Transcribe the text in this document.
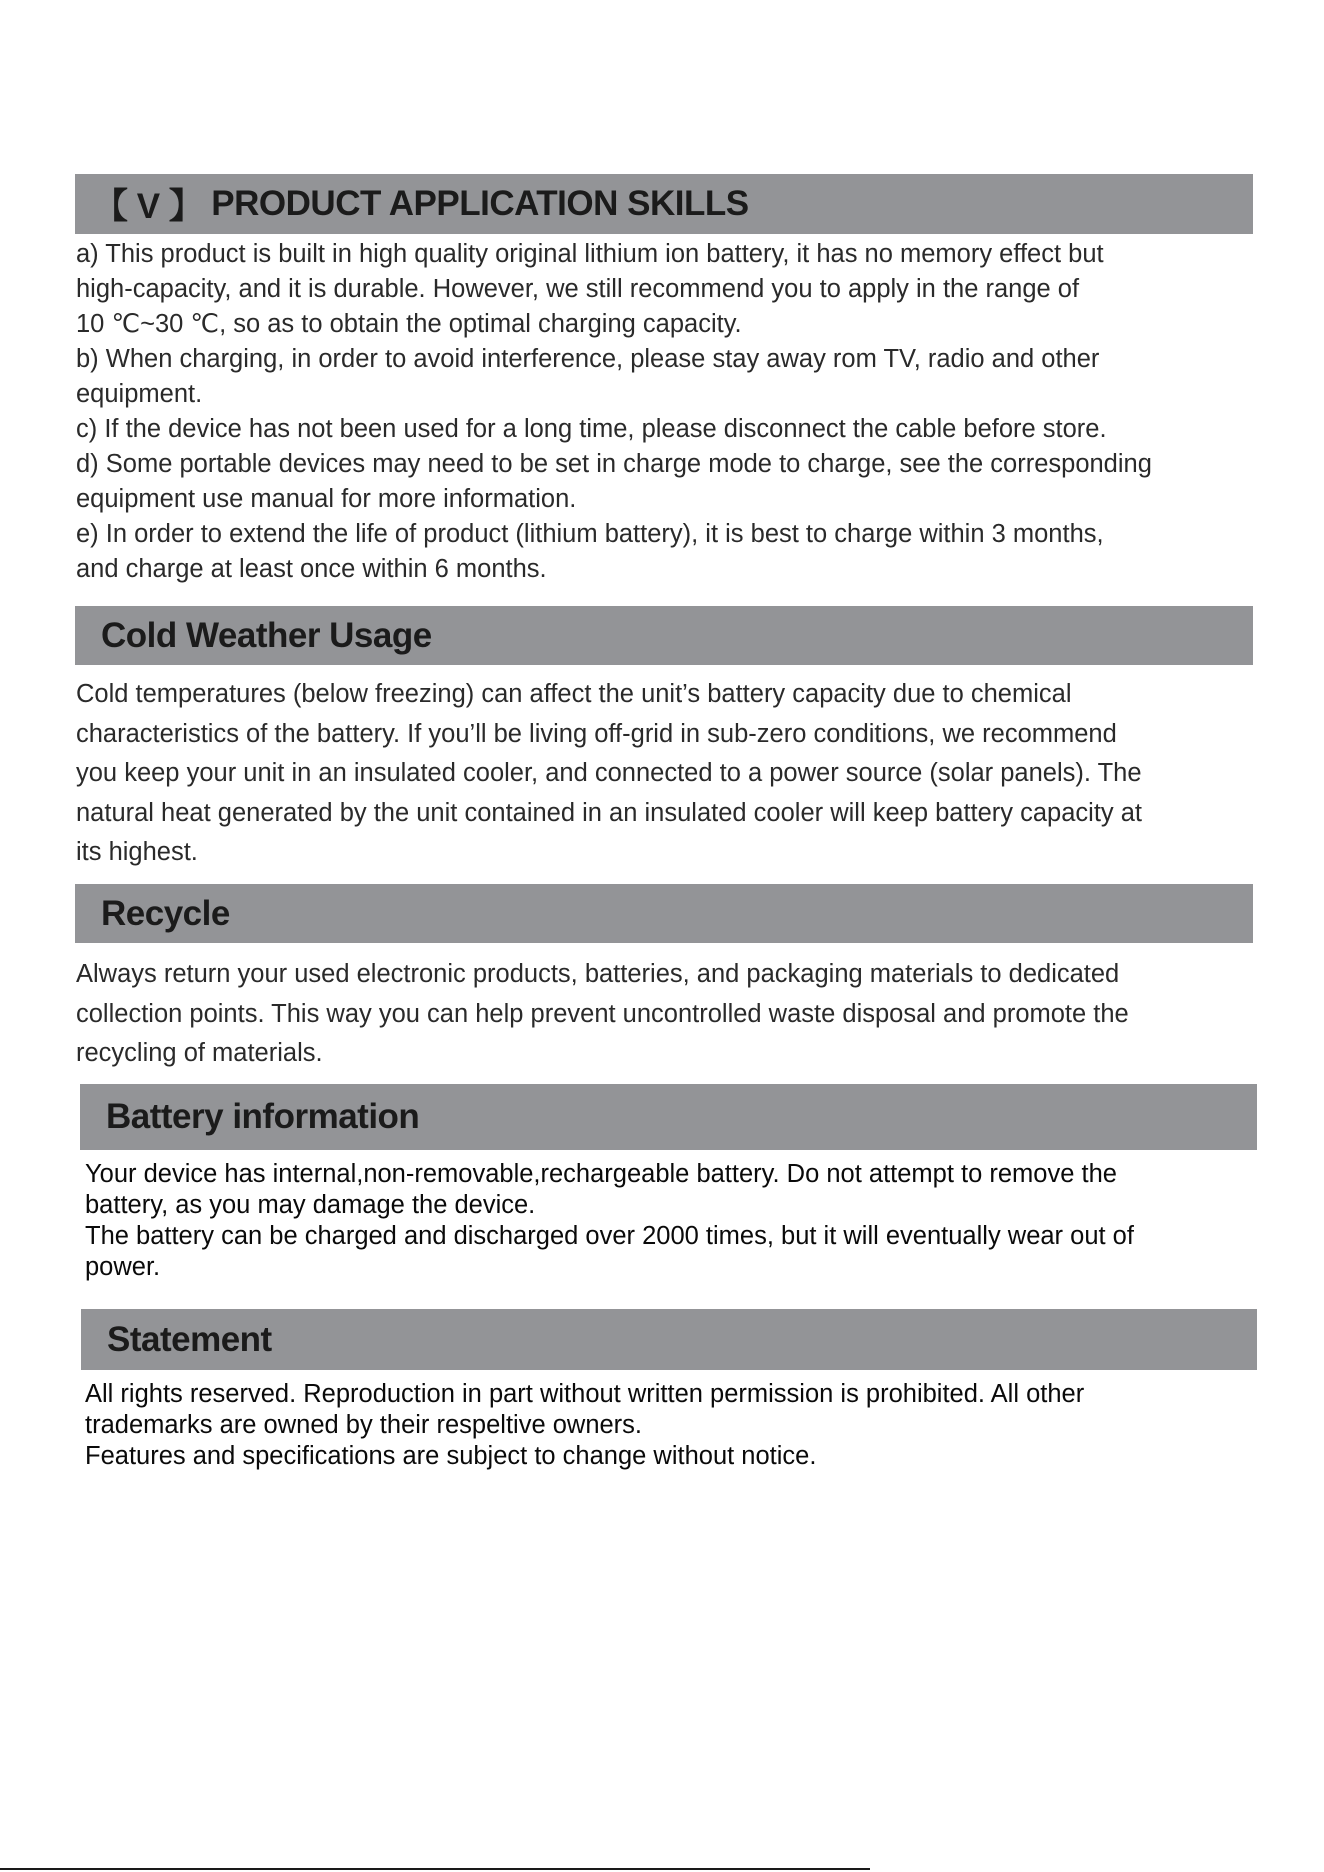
【 V 】 PRODUCT APPLICATION SKILLS

a) This product is built in high quality original lithium ion battery, it has no memory effect but

high-capacity, and it is durable. However, we still recommend you to apply in the range of

10 ℃~30 ℃, so as to obtain the optimal charging capacity.

b) When charging, in order to avoid interference, please stay away rom TV, radio and other

equipment.

c) If the device has not been used for a long time, please disconnect the cable before store.

d) Some portable devices may need to be set in charge mode to charge, see the corresponding

equipment use manual for more information.

e) In order to extend the life of product (lithium battery), it is best to charge within 3 months,

and charge at least once within 6 months.

Cold Weather Usage

Cold temperatures (below freezing) can affect the unit’s battery capacity due to chemical

characteristics of the battery. If you’ll be living off-grid in sub-zero conditions, we recommend

you keep your unit in an insulated cooler, and connected to a power source (solar panels). The

natural heat generated by the unit contained in an insulated cooler will keep battery capacity at

its highest.

Recycle

Always return your used electronic products, batteries, and packaging materials to dedicated

collection points. This way you can help prevent uncontrolled waste disposal and promote the

recycling of materials.

Battery information

Your device has internal,non-removable,rechargeable battery. Do not attempt to remove the

battery, as you may damage the device.

The battery can be charged and discharged over 2000 times, but it will eventually wear out of

power.

Statement

All rights reserved. Reproduction in part without written permission is prohibited. All other

trademarks are owned by their respeltive owners.

Features and specifications are subject to change without notice.
